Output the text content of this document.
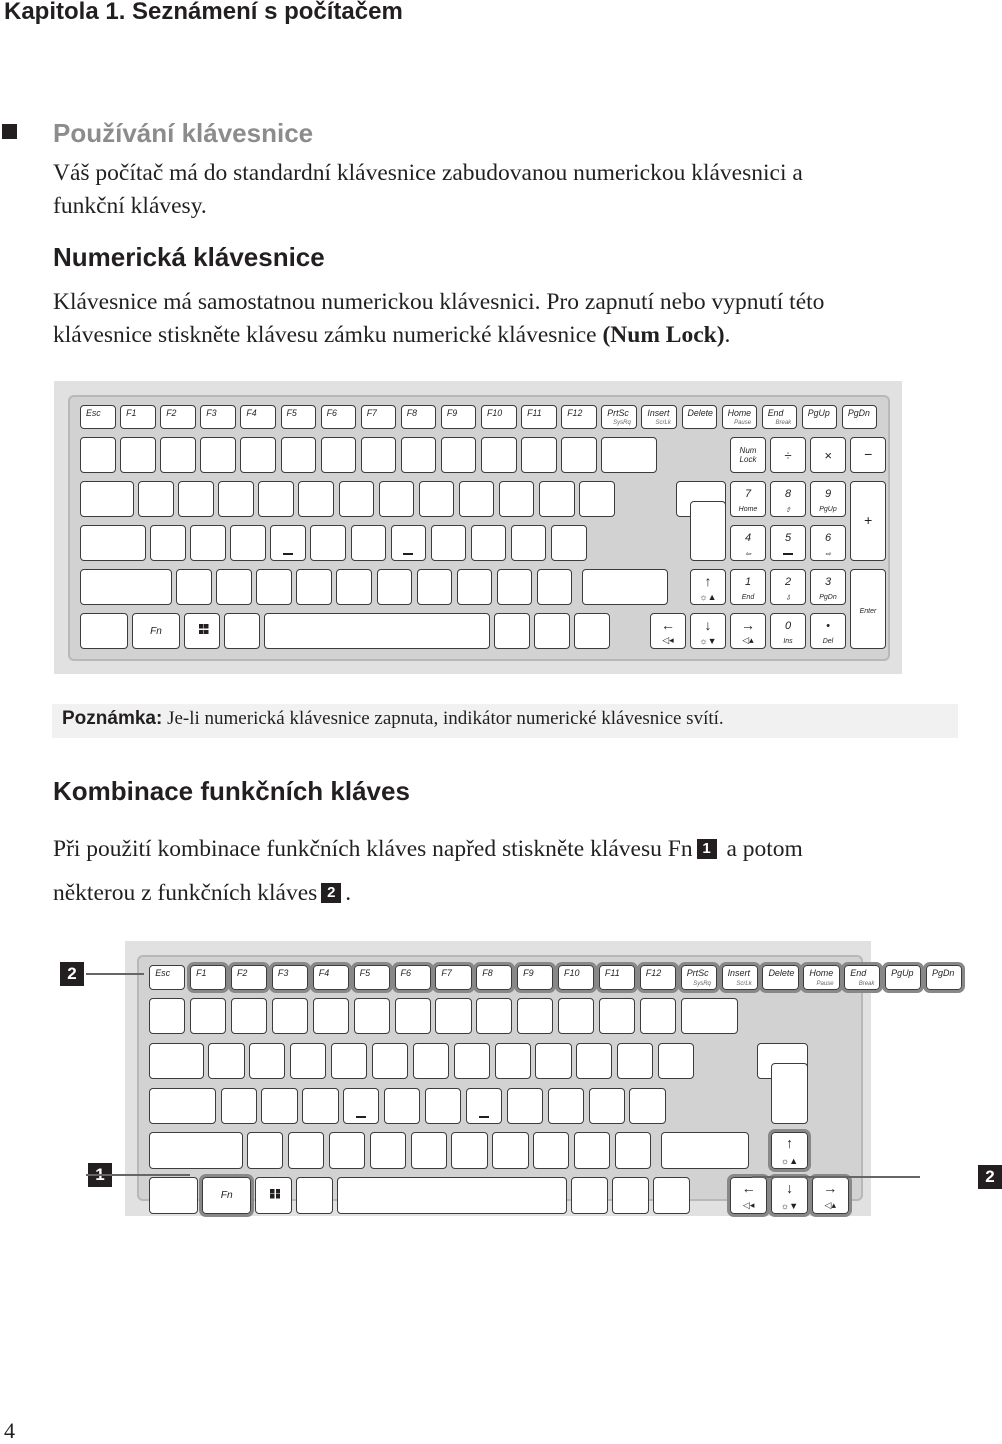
Kapitola 1. Seznámení s počítačem
Používání klávesnice
Váš počítač má do standardní klávesnice zabudovanou numerickou klávesnici a
funkční klávesy.
Numerická klávesnice
Klávesnice má samostatnou numerickou klávesnici. Pro zapnutí nebo vypnutí této
klávesnice stiskněte klávesu zámku numerické klávesnice (Num Lock).
Esc	F1	F2	F3	F4	F5	F6	F7	F8	F9	F10	F11	F12	PrtSc
SysRq
Insert
ScrLk
Delete Home
Pause
End
Break
PgUp PgDn
↑
☼▲
Fn	←
◁◂
↓
☼▼
→
◁▴
Num Lock	÷	×	−
7
Home
8
⇧
9
PgUp
+
4
⇦
5	6
⇨
1
End
2
⇩
3
PgDn
Enter
0
Ins
•
Del
Poznámka: Je-li numerická klávesnice zapnuta, indikátor numerické klávesnice svítí.
Kombinace funkčních kláves
Při použití kombinace funkčních kláves napřed stiskněte klávesu Fn 1 a potom
některou z funkčních kláves 2 .
Esc	F1	F2	F3	F4	F5	F6	F7	F8	F9	F10	F11	F12	PrtSc
SysRq
Insert
ScrLk
Delete Home
Pause
End
Break
PgUp PgDn
↑
☼▲
Fn	←
◁◂
↓
☼▼
→
◁▴
2

2
4
